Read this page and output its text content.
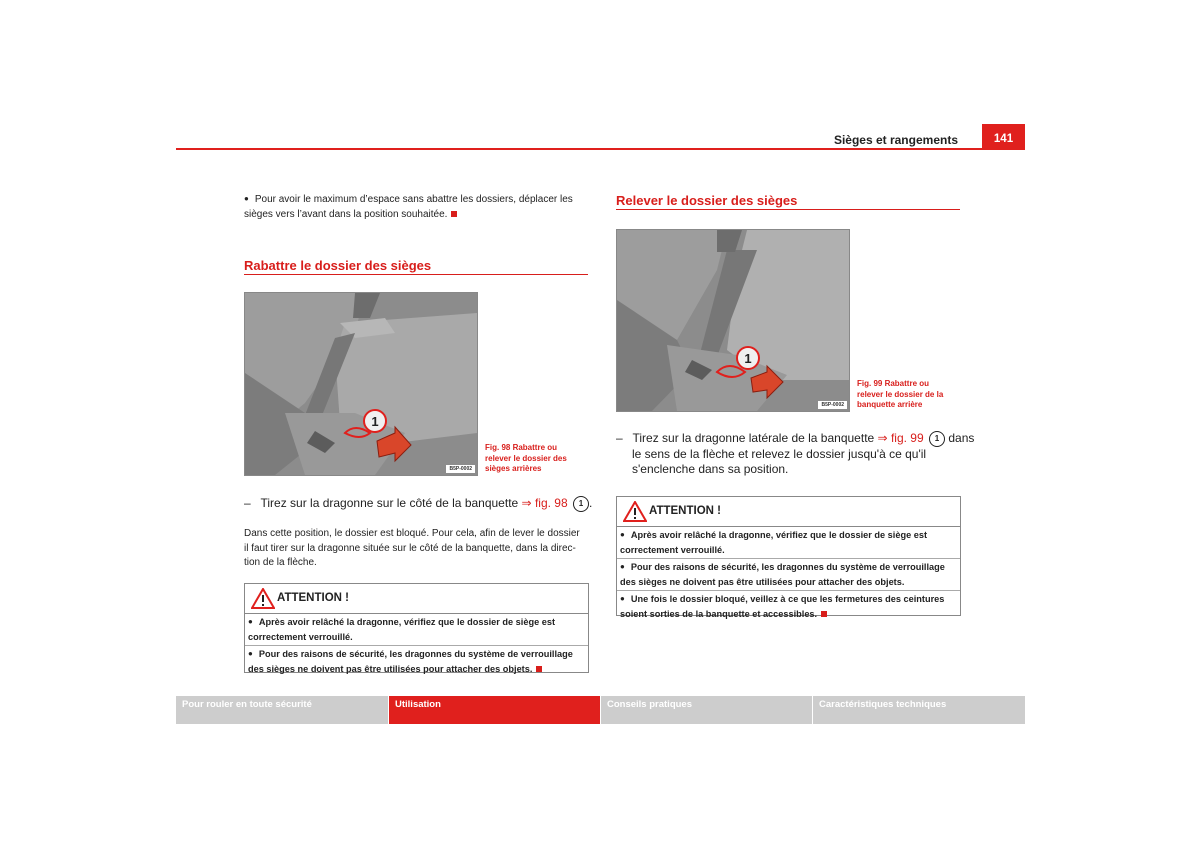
Sièges et rangements	141
● Pour avoir le maximum d’espace sans abattre les dossiers, déplacer les
sièges vers l’avant dans la position souhaitée.
Rabattre le dossier des sièges
1
B5P-0002
Fig. 98 Rabattre ou
relever le dossier des
sièges arrières
– Tirez sur la dragonne sur le côté de la banquette ⇒ fig. 98 1 .
Dans cette position, le dossier est bloqué. Pour cela, afin de lever le dossier
il faut tirer sur la dragonne située sur le côté de la banquette, dans la direc-
tion de la flèche.
ATTENTION !
● Après avoir relâché la dragonne, vérifiez que le dossier de siège est
correctement verrouillé.
● Pour des raisons de sécurité, les dragonnes du système de verrouillage
des sièges ne doivent pas être utilisées pour attacher des objets.
Relever le dossier des sièges
1
B5P-0002
Fig. 99 Rabattre ou
relever le dossier de la
banquette arrière
– Tirez sur la dragonne latérale de la banquette ⇒ fig. 99 1 dans
le sens de la flèche et relevez le dossier jusqu'à ce qu'il
s'enclenche dans sa position.
ATTENTION !
● Après avoir relâché la dragonne, vérifiez que le dossier de siège est
correctement verrouillé.
● Pour des raisons de sécurité, les dragonnes du système de verrouillage
des sièges ne doivent pas être utilisées pour attacher des objets.
● Une fois le dossier bloqué, veillez à ce que les fermetures des ceintures
soient sorties de la banquette et accessibles.
Pour rouler en toute sécurité	Utilisation	Conseils pratiques	Caractéristiques techniques
